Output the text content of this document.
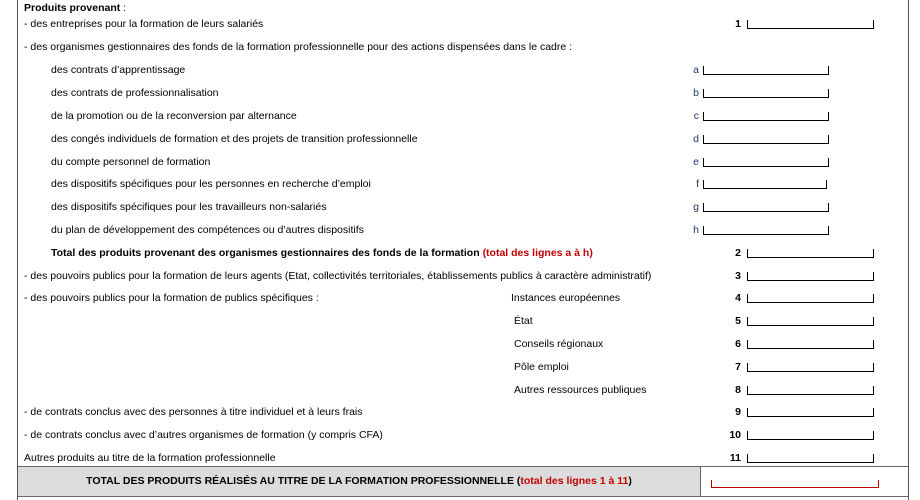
Produits provenant :
- des entreprises pour la formation de leurs salariés	1
- des organismes gestionnaires des fonds de la formation professionnelle pour des actions dispensées dans le cadre :
des contrats d’apprentissage	a
des contrats de professionnalisation	b
de la promotion ou de la reconversion par alternance	c
des congés individuels de formation et des projets de transition professionnelle	d
du compte personnel de formation	e
des dispositifs spécifiques pour les personnes en recherche d’emploi	f
des dispositifs spécifiques pour les travailleurs non-salariés	g
du plan de développement des compétences ou d’autres dispositifs	h
Total des produits provenant des organismes gestionnaires des fonds de la formation (total des lignes a à h)	2
- des pouvoirs publics pour la formation de leurs agents (Etat, collectivités territoriales, établissements publics à caractère administratif)	3
- des pouvoirs publics pour la formation de publics spécifiques :	Instances européennes	4
État	5
Conseils régionaux	6
Pôle emploi	7
Autres ressources publiques	8
- de contrats conclus avec des personnes à titre individuel et à leurs frais	9
- de contrats conclus avec d’autres organismes de formation (y compris CFA)	10
Autres produits au titre de la formation professionnelle	11
TOTAL DES PRODUITS RÉALISÉS AU TITRE DE LA FORMATION PROFESSIONNELLE (total des lignes 1 à 11)
